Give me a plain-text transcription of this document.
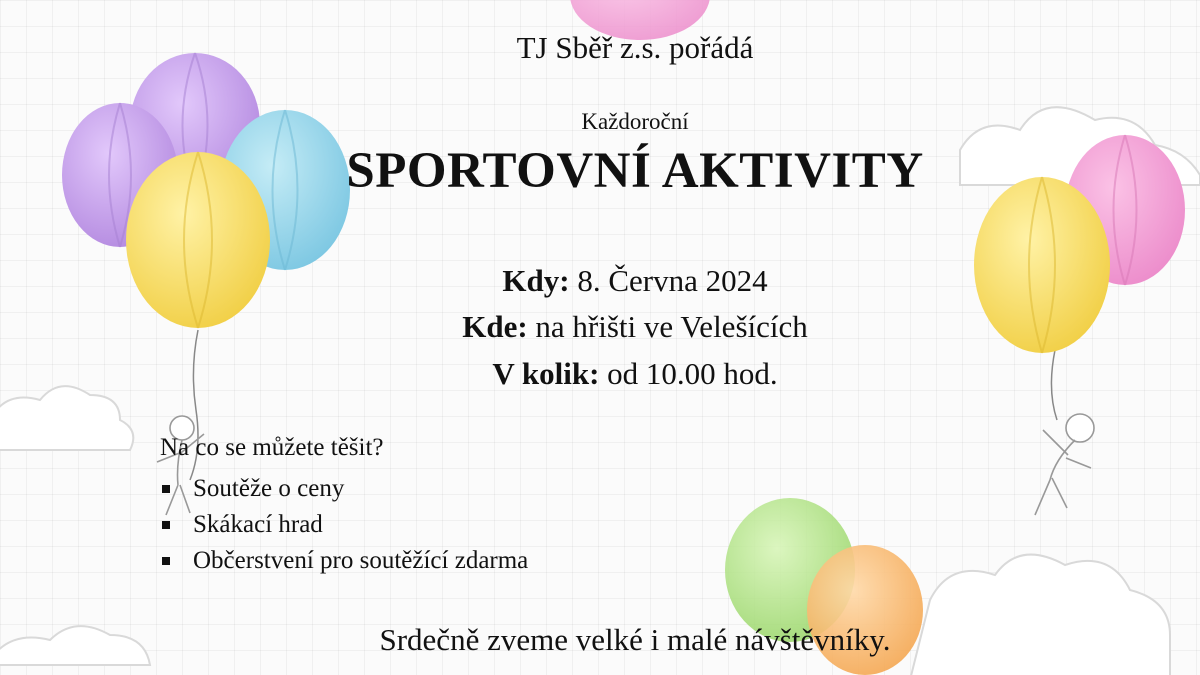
TJ Sběř z.s. pořádá
Každoroční
SPORTOVNÍ AKTIVITY
Kdy: 8. Června 2024
Kde: na hřišti ve Velešících
V kolik: od 10.00 hod.
Na co se můžete těšit?
Soutěže o ceny
Skákací hrad
Občerstvení pro soutěžící zdarma
Srdečně zveme velké i malé návštěvníky.
